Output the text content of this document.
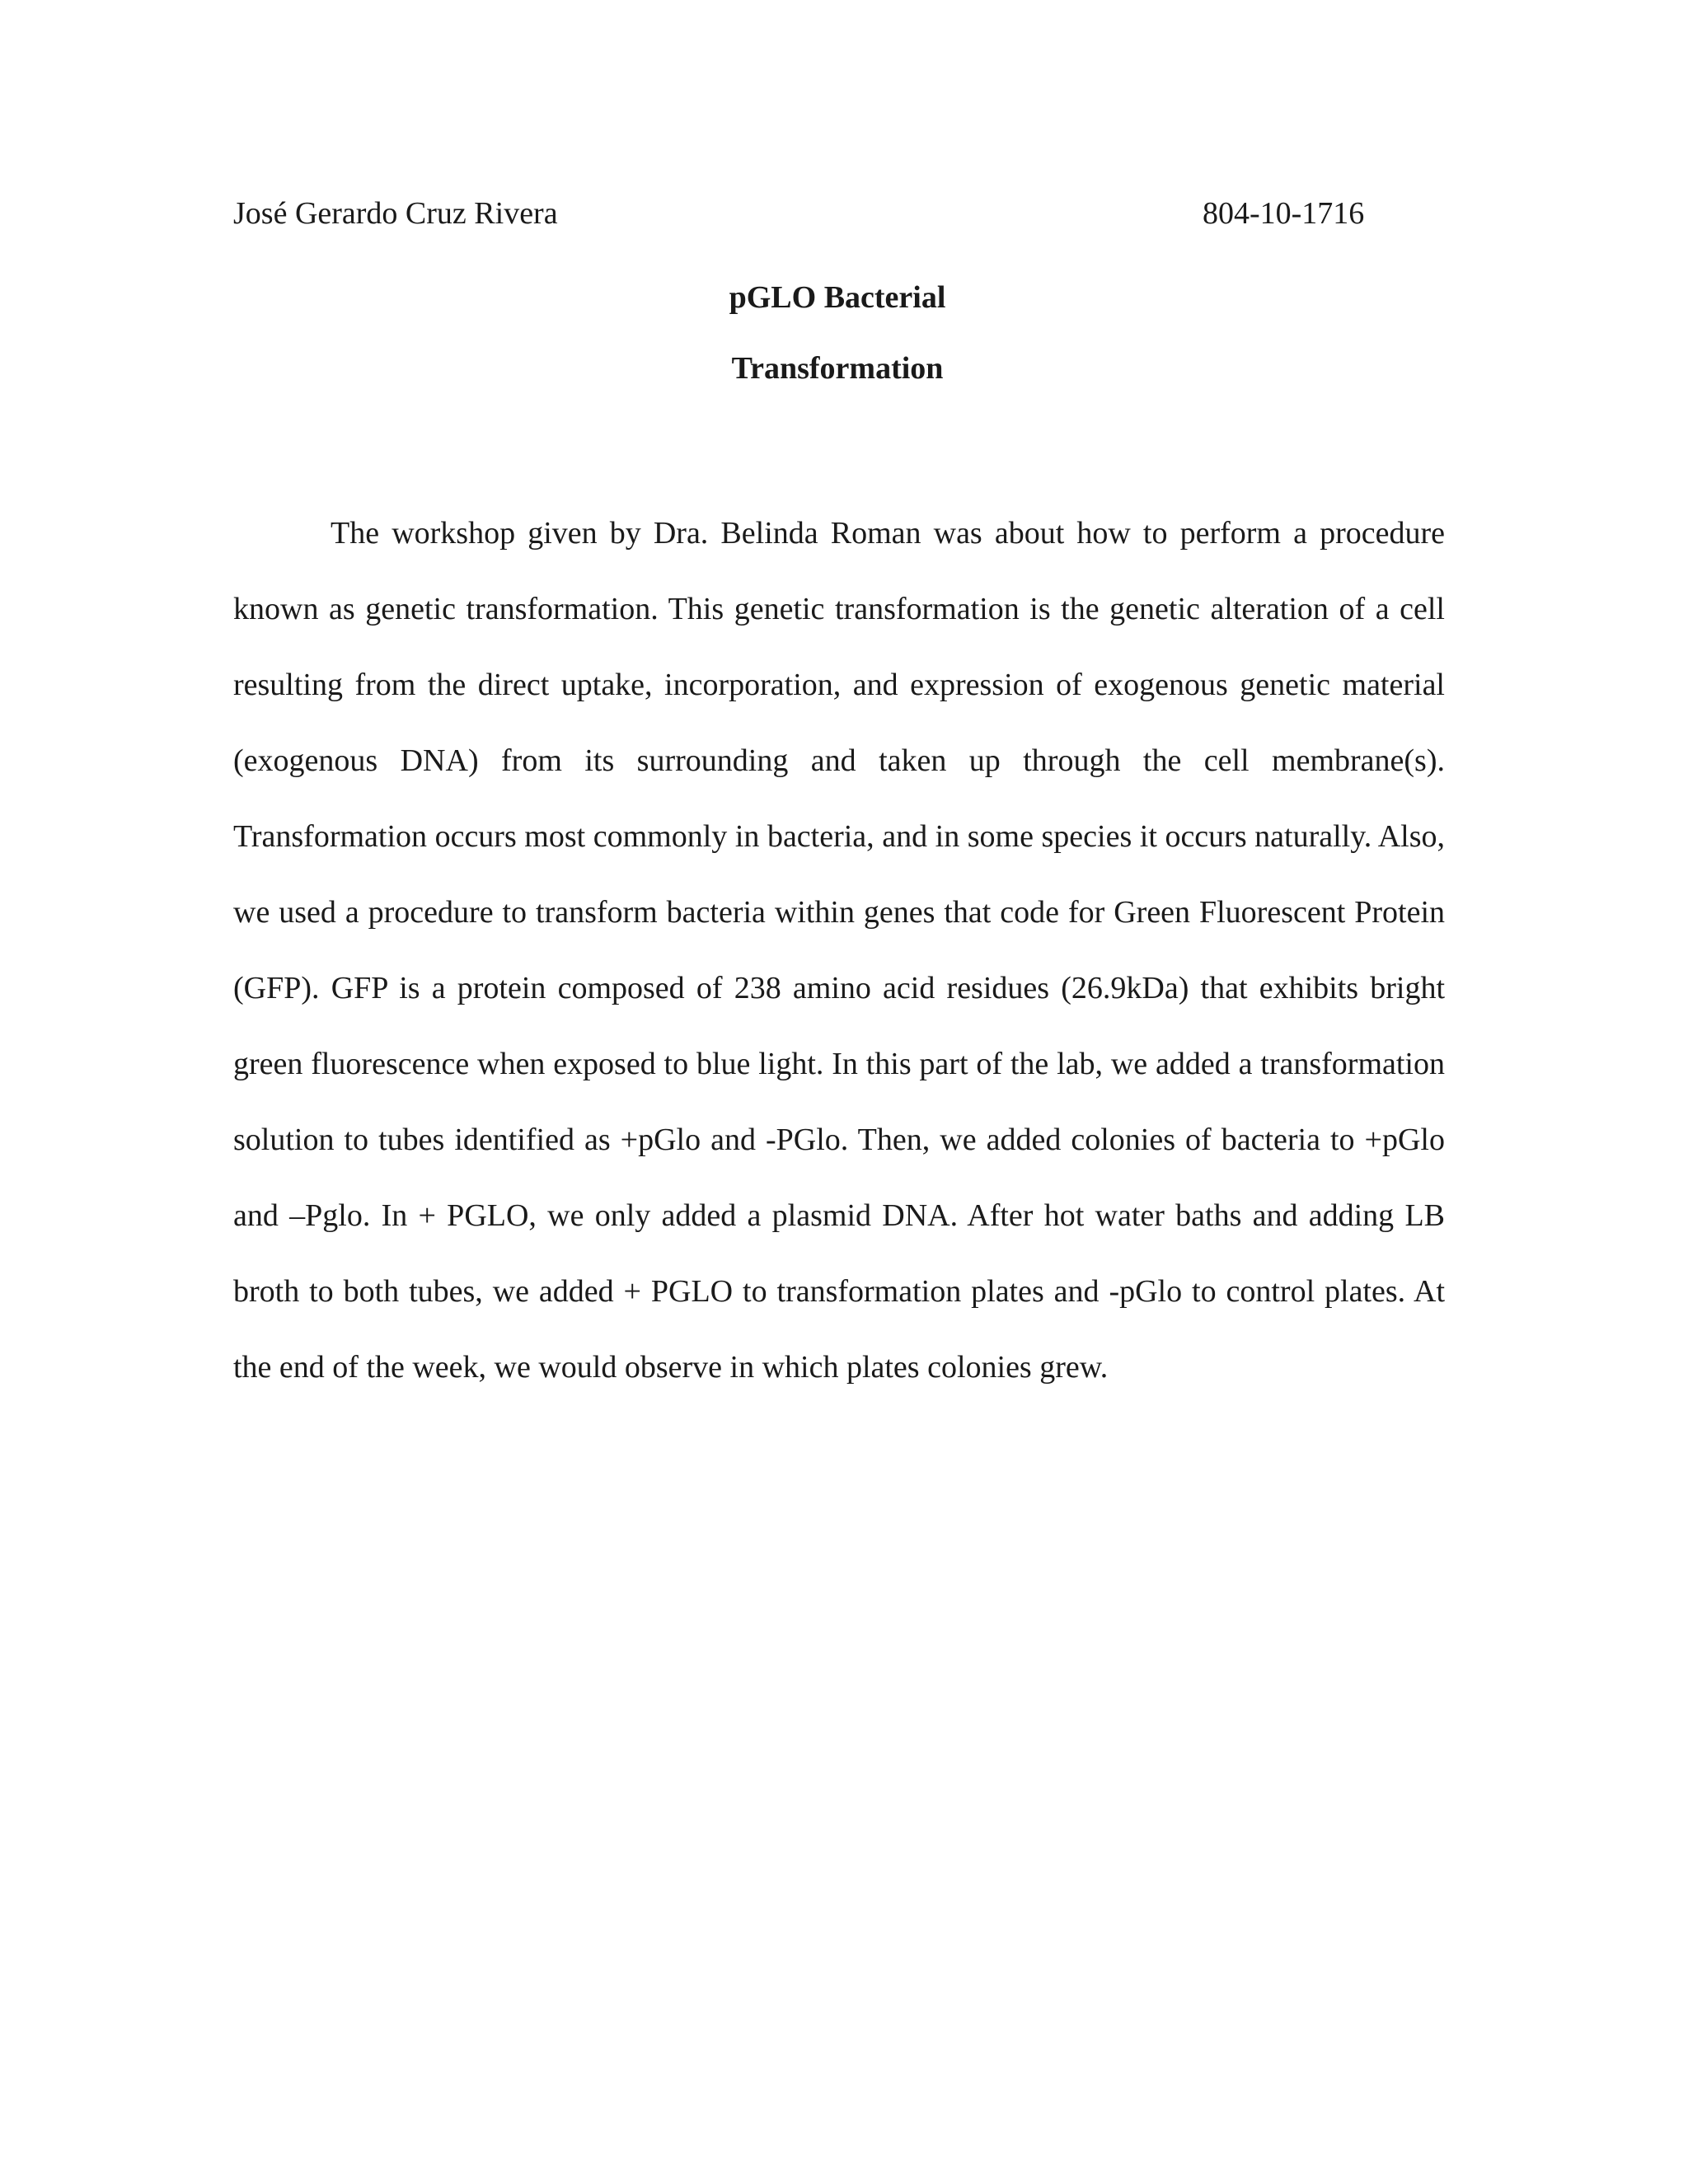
José Gerardo Cruz Rivera	804-10-1716
pGLO Bacterial
Transformation

The workshop given by Dra. Belinda Roman was about how to perform a procedure known as genetic transformation. This genetic transformation is the genetic alteration of a cell resulting from the direct uptake, incorporation, and expression of exogenous genetic material (exogenous DNA) from its surrounding and taken up through the cell membrane(s). Transformation occurs most commonly in bacteria, and in some species it occurs naturally. Also, we used a procedure to transform bacteria within genes that code for Green Fluorescent Protein (GFP). GFP is a protein composed of 238 amino acid residues (26.9kDa) that exhibits bright green fluorescence when exposed to blue light. In this part of the lab, we added a transformation solution to tubes identified as +pGlo and -PGlo. Then, we added colonies of bacteria to +pGlo and –Pglo. In + PGLO, we only added a plasmid DNA. After hot water baths and adding LB broth to both tubes, we added + PGLO to transformation plates and -pGlo to control plates. At the end of the week, we would observe in which plates colonies grew.
